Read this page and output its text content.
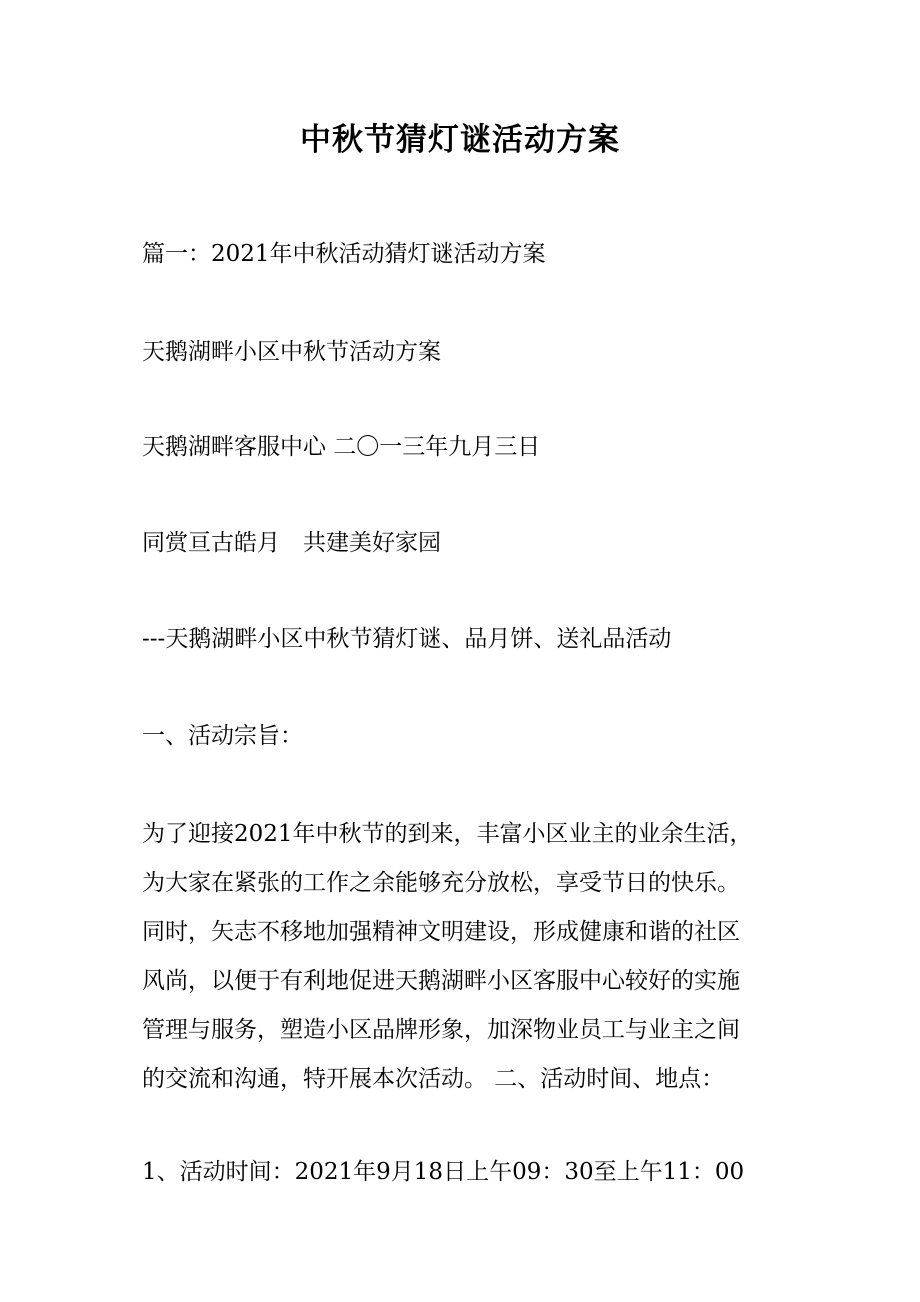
中秋节猜灯谜活动方案
篇一：2021年中秋活动猜灯谜活动方案
天鹅湖畔小区中秋节活动方案
天鹅湖畔客服中心 二〇一三年九月三日
同赏亘古皓月　共建美好家园
---天鹅湖畔小区中秋节猜灯谜、品月饼、送礼品活动
一、活动宗旨：
为了迎接2021年中秋节的到来，丰富小区业主的业余生活，
为大家在紧张的工作之余能够充分放松，享受节日的快乐。
同时，矢志不移地加强精神文明建设，形成健康和谐的社区
风尚，以便于有利地促进天鹅湖畔小区客服中心较好的实施
管理与服务，塑造小区品牌形象，加深物业员工与业主之间
的交流和沟通，特开展本次活动。 二、活动时间、地点：
1、活动时间：2021年9月18日上午09：30至上午11：00
